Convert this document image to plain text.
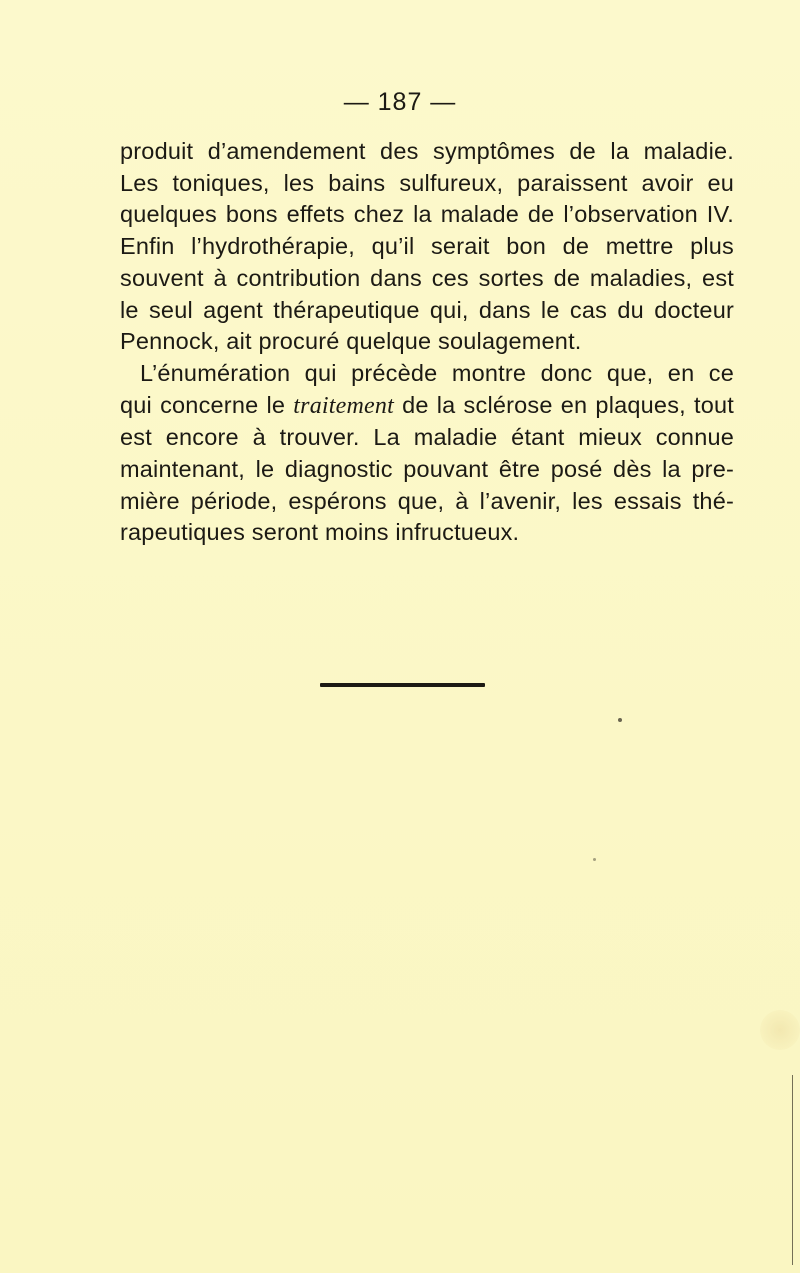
— 187 —
produit d’amendement des symptômes de la maladie.
Les toniques, les bains sulfureux, paraissent avoir eu
quelques bons effets chez la malade de l’observation IV.
Enfin l’hydrothérapie, qu’il serait bon de mettre plus
souvent à contribution dans ces sortes de maladies, est
le seul agent thérapeutique qui, dans le cas du docteur
Pennock, ait procuré quelque soulagement.
L’énumération qui précède montre donc que, en ce
qui concerne le traitement de la sclérose en plaques, tout
est encore à trouver. La maladie étant mieux connue
maintenant, le diagnostic pouvant être posé dès la pre-
mière période, espérons que, à l’avenir, les essais thé-
rapeutiques seront moins infructueux.
